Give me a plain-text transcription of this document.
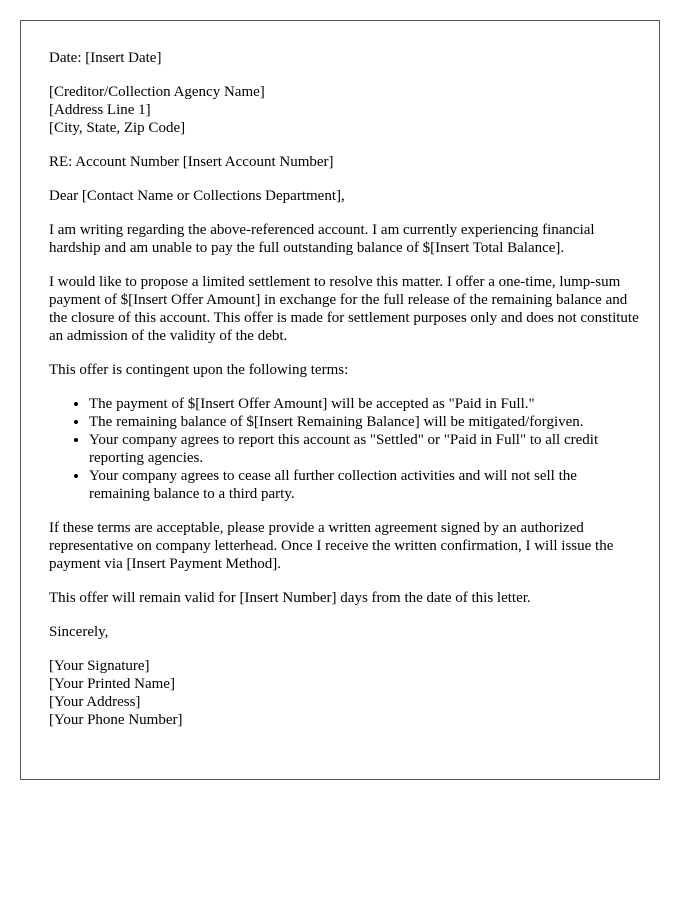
Date: [Insert Date]

[Creditor/Collection Agency Name]
[Address Line 1]
[City, State, Zip Code]

RE: Account Number [Insert Account Number]

Dear [Contact Name or Collections Department],

I am writing regarding the above-referenced account. I am currently experiencing financial hardship and am unable to pay the full outstanding balance of $[Insert Total Balance].

I would like to propose a limited settlement to resolve this matter. I offer a one-time, lump-sum payment of $[Insert Offer Amount] in exchange for the full release of the remaining balance and the closure of this account. This offer is made for settlement purposes only and does not constitute an admission of the validity of the debt.

This offer is contingent upon the following terms:

• The payment of $[Insert Offer Amount] will be accepted as "Paid in Full."
• The remaining balance of $[Insert Remaining Balance] will be mitigated/forgiven.
• Your company agrees to report this account as "Settled" or "Paid in Full" to all credit reporting agencies.
• Your company agrees to cease all further collection activities and will not sell the remaining balance to a third party.

If these terms are acceptable, please provide a written agreement signed by an authorized representative on company letterhead. Once I receive the written confirmation, I will issue the payment via [Insert Payment Method].

This offer will remain valid for [Insert Number] days from the date of this letter.

Sincerely,

[Your Signature]
[Your Printed Name]
[Your Address]
[Your Phone Number]
